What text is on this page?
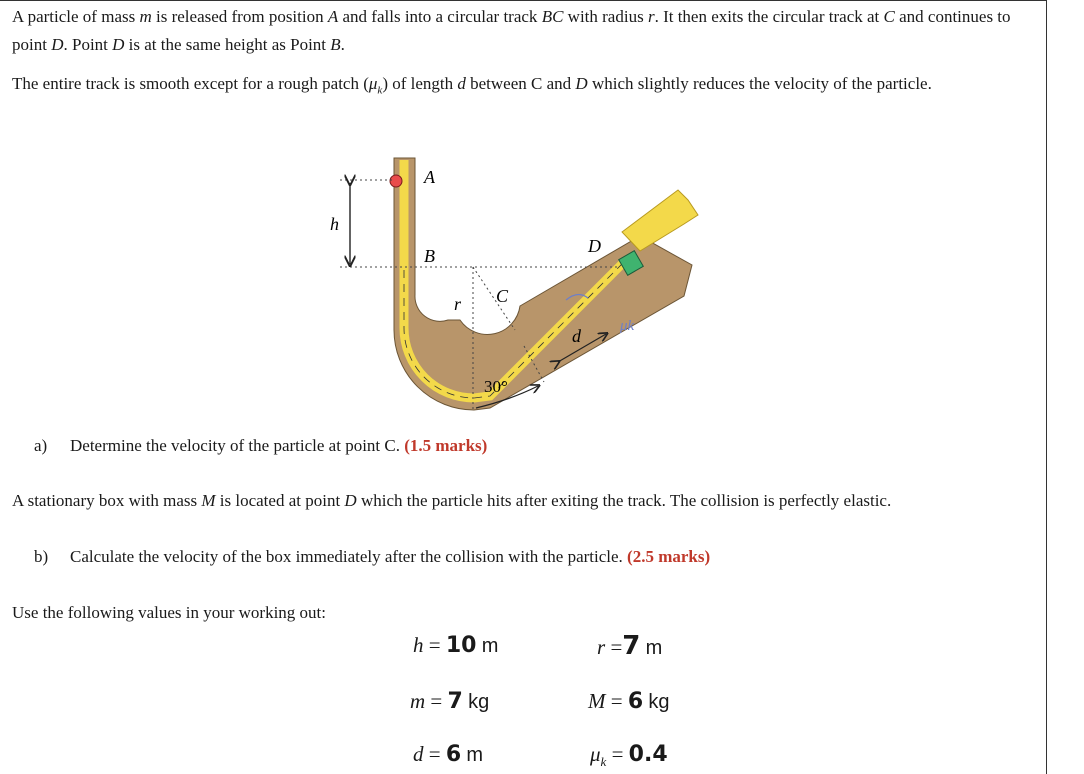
A particle of mass m is released from position A and falls into a circular track BC with radius r. It then exits the circular track at C and continues to point D. Point D is at the same height as Point B.

The entire track is smooth except for a rough patch $(\mu_k)$ of length d between C and D which slightly reduces the velocity of the particle.

A
B
C
D
h
r
d	μk
30°
a) Determine the velocity of the particle at point C. (1.5 marks)
A stationary box with mass M is located at point D which the particle hits after exiting the track. The collision is perfectly elastic.
b) Calculate the velocity of the box immediately after the collision with the particle. (2.5 marks)
Use the following values in your working out:
h = 10 m	r =7 m
m = 7 kg	M = 6 kg
d = 6 m	$\mu_k = 0.4$
